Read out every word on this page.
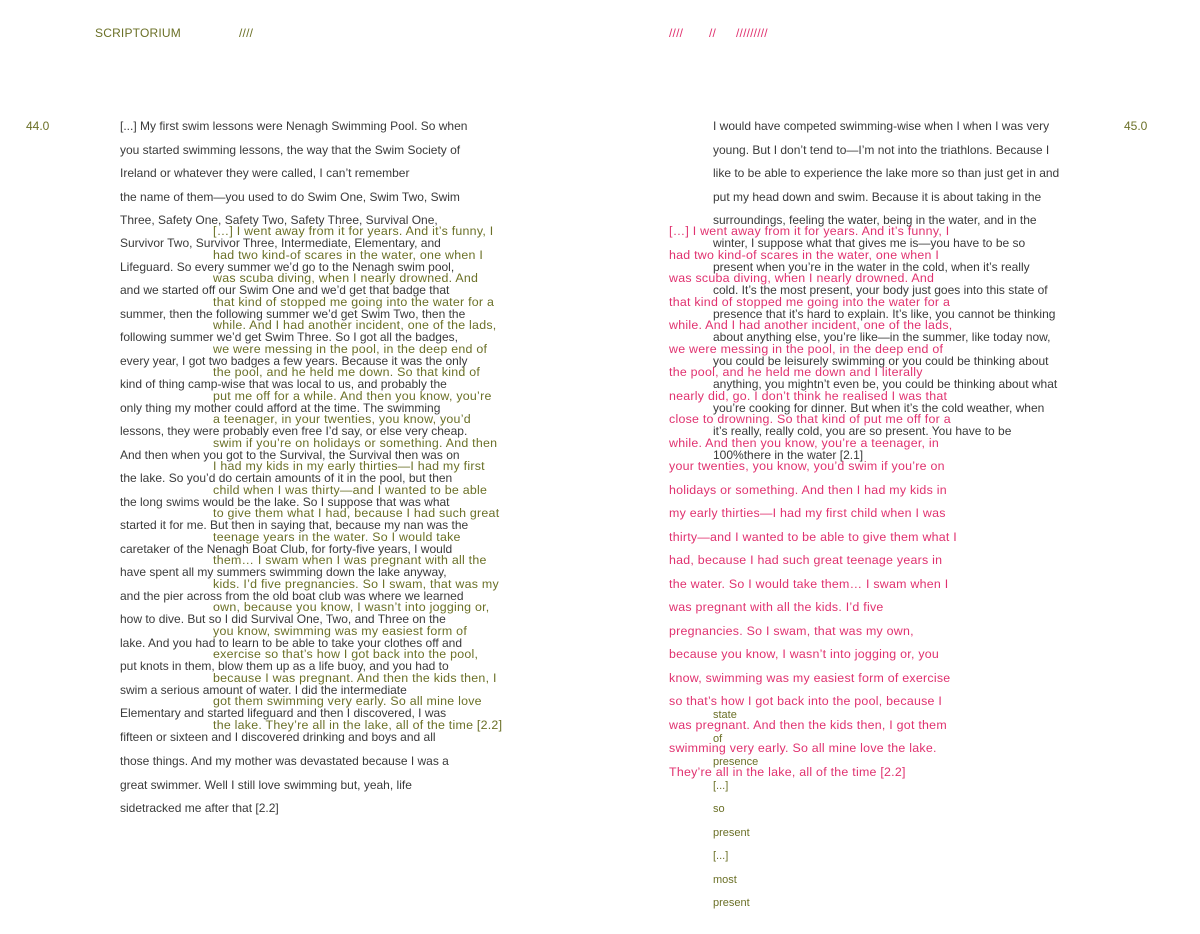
SCRIPTORIUM	////	//// // /////////
44.0	45.0
[...] My first swim lessons were Nenagh Swimming Pool. So when
you started swimming lessons, the way that the Swim Society of
Ireland or whatever they were called, I can’t remember
the name of them—you used to do Swim One, Swim Two, Swim
Three, Safety One, Safety Two, Safety Three, Survival One,
Survivor Two, Survivor Three, Intermediate, Elementary, and
Lifeguard. So every summer we’d go to the Nenagh swim pool,
and we started off our Swim One and we’d get that badge that
summer, then the following summer we’d get Swim Two, then the
following summer we’d get Swim Three. So I got all the badges,
every year, I got two badges a few years. Because it was the only
kind of thing camp-wise that was local to us, and probably the
only thing my mother could afford at the time. The swimming
lessons, they were probably even free I’d say, or else very cheap.
And then when you got to the Survival, the Survival then was on
the lake. So you’d do certain amounts of it in the pool, but then
the long swims would be the lake. So I suppose that was what
started it for me. But then in saying that, because my nan was the
caretaker of the Nenagh Boat Club, for forty-five years, I would
have spent all my summers swimming down the lake anyway,
and the pier across from the old boat club was where we learned
how to dive. But so I did Survival One, Two, and Three on the
lake. And you had to learn to be able to take your clothes off and
put knots in them, blow them up as a life buoy, and you had to
swim a serious amount of water. I did the intermediate
Elementary and started lifeguard and then I discovered, I was
fifteen or sixteen and I discovered drinking and boys and all
those things. And my mother was devastated because I was a
great swimmer. Well I still love swimming but, yeah, life
sidetracked me after that [2.2]
[…] I went away from it for years. And it’s funny, I
had two kind-of scares in the water, one when I
was scuba diving, when I nearly drowned. And
that kind of stopped me going into the water for a
while. And I had another incident, one of the lads,
we were messing in the pool, in the deep end of
the pool, and he held me down. So that kind of
put me off for a while. And then you know, you’re
a teenager, in your twenties, you know, you’d
swim if you’re on holidays or something. And then
I had my kids in my early thirties—I had my first
child when I was thirty—and I wanted to be able
to give them what I had, because I had such great
teenage years in the water. So I would take
them… I swam when I was pregnant with all the
kids. I’d five pregnancies. So I swam, that was my
own, because you know, I wasn’t into jogging or,
you know, swimming was my easiest form of
exercise so that’s how I got back into the pool,
because I was pregnant. And then the kids then, I
got them swimming very early. So all mine love
the lake. They’re all in the lake, all of the time [2.2]
I would have competed swimming-wise when I when I was very
young. But I don’t tend to—I’m not into the triathlons. Because I
like to be able to experience the lake more so than just get in and
put my head down and swim. Because it is about taking in the
surroundings, feeling the water, being in the water, and in the
winter, I suppose what that gives me is—you have to be so
present when you’re in the water in the cold, when it’s really
cold. It’s the most present, your body just goes into this state of
presence that it’s hard to explain. It’s like, you cannot be thinking
about anything else, you’re like—in the summer, like today now,
you could be leisurely swimming or you could be thinking about
anything, you mightn’t even be, you could be thinking about what
you’re cooking for dinner. But when it’s the cold weather, when
it’s really, really cold, you are so present. You have to be
100%there in the water [2.1]
state
of
presence
[...]
so
present
[...]
most
present
[…] I went away from it for years. And it’s funny, I
had two kind-of scares in the water, one when I
was scuba diving, when I nearly drowned. And
that kind of stopped me going into the water for a
while. And I had another incident, one of the lads,
we were messing in the pool, in the deep end of
the pool, and he held me down and I literally
nearly did, go. I don’t think he realised I was that
close to drowning. So that kind of put me off for a
while. And then you know, you’re a teenager, in
your twenties, you know, you’d swim if you’re on
holidays or something. And then I had my kids in
my early thirties—I had my first child when I was
thirty—and I wanted to be able to give them what I
had, because I had such great teenage years in
the water. So I would take them… I swam when I
was pregnant with all the kids. I’d five
pregnancies. So I swam, that was my own,
because you know, I wasn’t into jogging or, you
know, swimming was my easiest form of exercise
so that’s how I got back into the pool, because I
was pregnant. And then the kids then, I got them
swimming very early. So all mine love the lake.
They’re all in the lake, all of the time [2.2]
